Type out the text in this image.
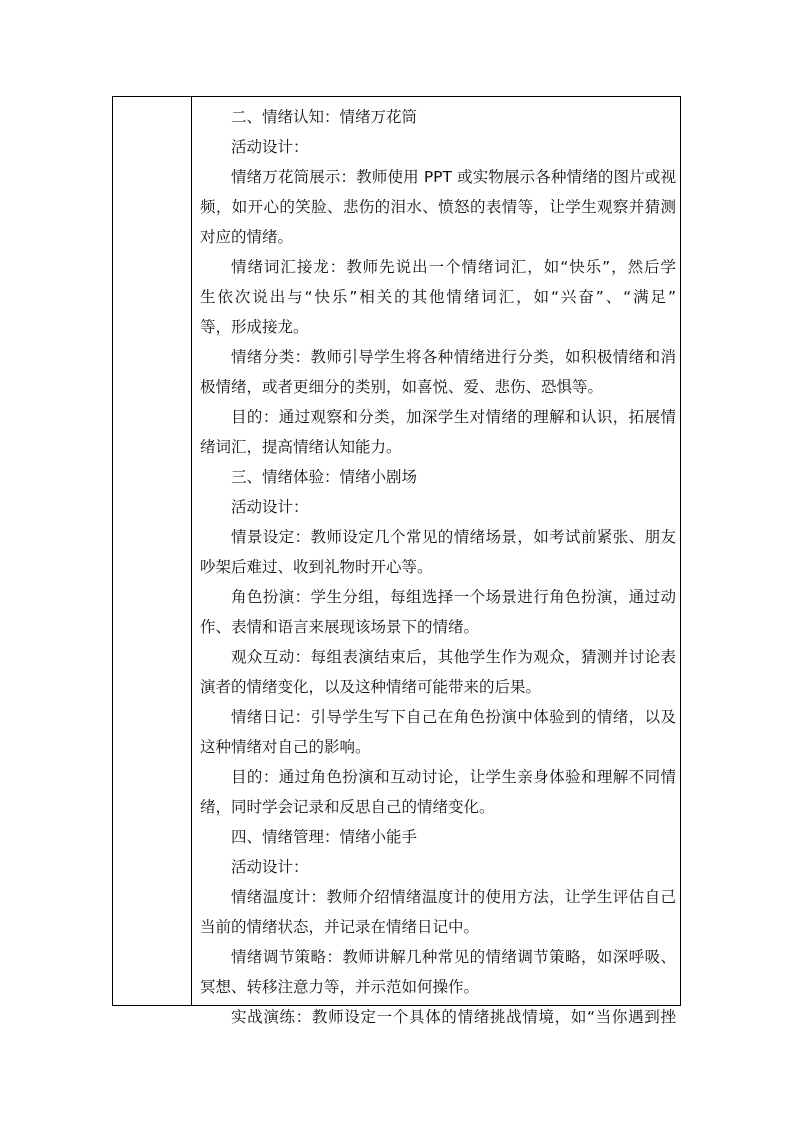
二、情绪认知：情绪万花筒
活动设计：
情绪万花筒展示：教师使用 PPT 或实物展示各种情绪的图片或视
频，如开心的笑脸、悲伤的泪水、愤怒的表情等，让学生观察并猜测
对应的情绪。
情绪词汇接龙：教师先说出一个情绪词汇，如“快乐”，然后学
生依次说出与“快乐”相关的其他情绪词汇，如“兴奋”、“满足”
等，形成接龙。
情绪分类：教师引导学生将各种情绪进行分类，如积极情绪和消
极情绪，或者更细分的类别，如喜悦、爱、悲伤、恐惧等。
目的：通过观察和分类，加深学生对情绪的理解和认识，拓展情
绪词汇，提高情绪认知能力。
三、情绪体验：情绪小剧场
活动设计：
情景设定：教师设定几个常见的情绪场景，如考试前紧张、朋友
吵架后难过、收到礼物时开心等。
角色扮演：学生分组，每组选择一个场景进行角色扮演，通过动
作、表情和语言来展现该场景下的情绪。
观众互动：每组表演结束后，其他学生作为观众，猜测并讨论表
演者的情绪变化，以及这种情绪可能带来的后果。
情绪日记：引导学生写下自己在角色扮演中体验到的情绪，以及
这种情绪对自己的影响。
目的：通过角色扮演和互动讨论，让学生亲身体验和理解不同情
绪，同时学会记录和反思自己的情绪变化。
四、情绪管理：情绪小能手
活动设计：
情绪温度计：教师介绍情绪温度计的使用方法，让学生评估自己
当前的情绪状态，并记录在情绪日记中。
情绪调节策略：教师讲解几种常见的情绪调节策略，如深呼吸、
冥想、转移注意力等，并示范如何操作。
实战演练：教师设定一个具体的情绪挑战情境，如“当你遇到挫
